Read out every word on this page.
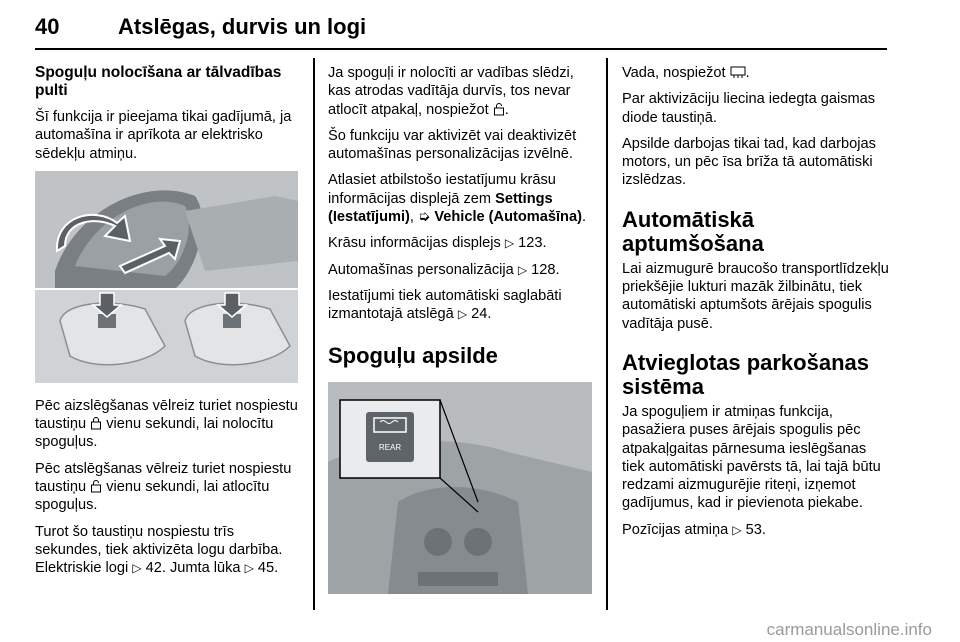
40	Atslēgas, durvis un logi
Spoguļu nolocīšana ar tālvadības pulti

Šī funkcija ir pieejama tikai gadījumā, ja automašīna ir aprīkota ar elektrisko sēdekļu atmiņu.

Pēc aizslēgšanas vēlreiz turiet nospiestu taustiņu vienu sekundi, lai nolocītu spoguļus.

Pēc atslēgšanas vēlreiz turiet nospiestu taustiņu vienu sekundi, lai atlocītu spoguļus.

Turot šo taustiņu nospiestu trīs sekundes, tiek aktivizēta logu darbība. Elektriskie logi ▷ 42. Jumta lūka ▷ 45.

Ja spoguļi ir nolocīti ar vadības slēdzi, kas atrodas vadītāja durvīs, tos nevar atlocīt atpakaļ, nospiežot .

Šo funkciju var aktivizēt vai deaktivizēt automašīnas personalizācijas izvēlnē.

Atlasiet atbilstošo iestatījumu krāsu informācijas displejā zem Settings (Iestatījumi), ➭ Vehicle (Automašīna).

Krāsu informācijas displejs ▷ 123.

Automašīnas personalizācija ▷ 128.

Iestatījumi tiek automātiski saglabāti izmantotajā atslēgā ▷ 24.

Spoguļu apsilde
REAR

Vada, nospiežot .

Par aktivizāciju liecina iedegta gaismas diode taustiņā.

Apsilde darbojas tikai tad, kad darbojas motors, un pēc īsa brīža tā automātiski izslēdzas.

Automātiskā aptumšošana

Lai aizmugurē braucošo transportlīdzekļu priekšējie lukturi mazāk žilbinātu, tiek automātiski aptumšots ārējais spogulis vadītāja pusē.

Atvieglotas parkošanas sistēma

Ja spoguļiem ir atmiņas funkcija, pasažiera puses ārējais spogulis pēc atpakaļgaitas pārnesuma ieslēgšanas tiek automātiski pavērsts tā, lai tajā būtu redzami aizmugurējie riteņi, izņemot gadījumus, kad ir pievienota piekabe.

Pozīcijas atmiņa ▷ 53.

carmanualsonline.info
